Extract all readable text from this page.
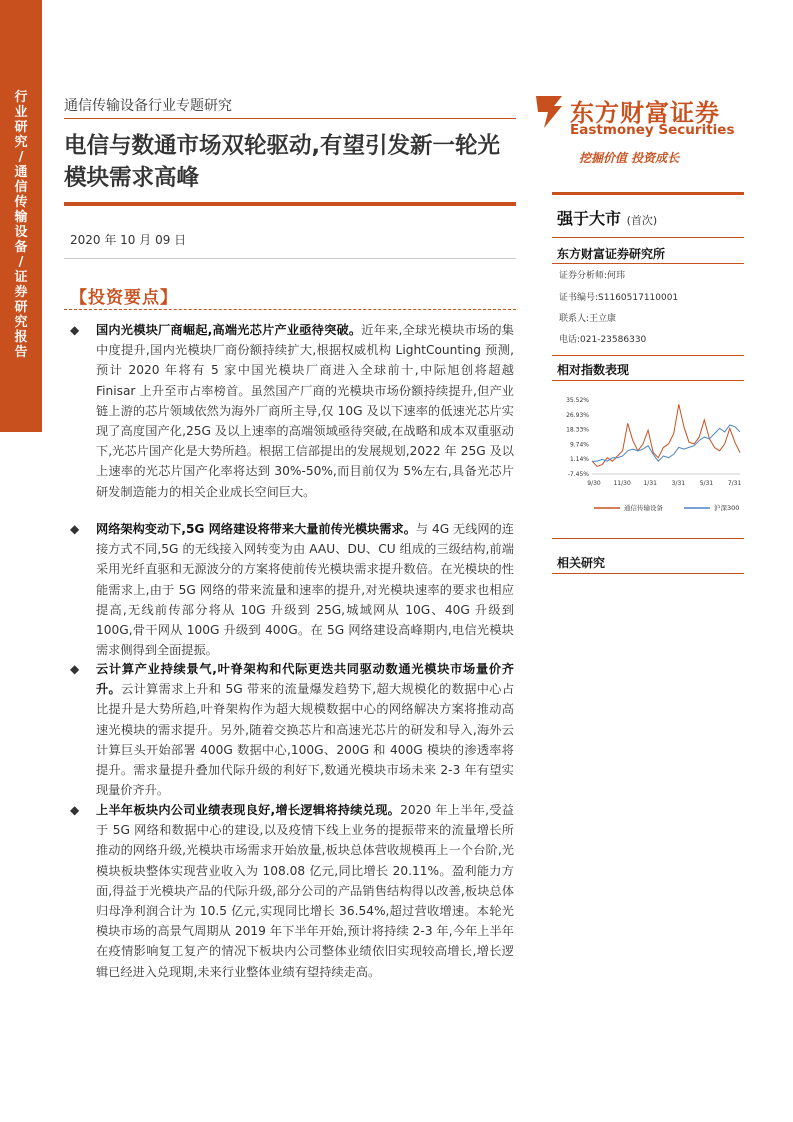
行业研究 / 通信传输设备 / 证券研究报告
通信传输设备行业专题研究
电信与数通市场双轮驱动,有望引发新一轮光模块需求高峰
2020 年 10 月 09 日
【投资要点】
◆ 国内光模块厂商崛起,高端光芯片产业亟待突破。近年来,全球光模块市场的集中度提升,国内光模块厂商份额持续扩大,根据权威机构 LightCounting 预测,预计 2020 年将有 5 家中国光模块厂商进入全球前十,中际旭创将超越 Finisar 上升至市占率榜首。虽然国产厂商的光模块市场份额持续提升,但产业链上游的芯片领域依然为海外厂商所主导,仅 10G 及以下速率的低速光芯片实现了高度国产化,25G 及以上速率的高端领域亟待突破,在战略和成本双重驱动下,光芯片国产化是大势所趋。根据工信部提出的发展规划,2022 年 25G 及以上速率的光芯片国产化率将达到 30%-50%,而目前仅为 5%左右,具备光芯片研发制造能力的相关企业成长空间巨大。
◆ 网络架构变动下,5G 网络建设将带来大量前传光模块需求。与 4G 无线网的连接方式不同,5G 的无线接入网转变为由 AAU、DU、CU 组成的三级结构,前端采用光纤直驱和无源波分的方案将使前传光模块需求提升数倍。在光模块的性能需求上,由于 5G 网络的带来流量和速率的提升,对光模块速率的要求也相应提高,无线前传部分将从 10G 升级到 25G,城域网从 10G、40G 升级到 100G,骨干网从 100G 升级到 400G。在 5G 网络建设高峰期内,电信光模块需求侧得到全面提振。
◆ 云计算产业持续景气,叶脊架构和代际更迭共同驱动数通光模块市场量价齐升。云计算需求上升和 5G 带来的流量爆发趋势下,超大规模化的数据中心占比提升是大势所趋,叶脊架构作为超大规模数据中心的网络解决方案将推动高速光模块的需求提升。另外,随着交换芯片和高速光芯片的研发和导入,海外云计算巨头开始部署 400G 数据中心,100G、200G 和 400G 模块的渗透率将提升。需求量提升叠加代际升级的利好下,数通光模块市场未来 2-3 年有望实现量价齐升。
◆ 上半年板块内公司业绩表现良好,增长逻辑将持续兑现。2020 年上半年,受益于 5G 网络和数据中心的建设,以及疫情下线上业务的提振带来的流量增长所推动的网络升级,光模块市场需求开始放量,板块总体营收规模再上一个台阶,光模块板块整体实现营业收入为 108.08 亿元,同比增长 20.11%。盈利能力方面,得益于光模块产品的代际升级,部分公司的产品销售结构得以改善,板块总体归母净利润合计为 10.5 亿元,实现同比增长 36.54%,超过营收增速。本轮光模块市场的高景气周期从 2019 年下半年开始,预计将持续 2-3 年,今年上半年在疫情影响复工复产的情况下板块内公司整体业绩依旧实现较高增长,增长逻辑已经进入兑现期,未来行业整体业绩有望持续走高。
东方财富证券
Eastmoney Securities
挖掘价值 投资成长
强于大市 (首次)
东方财富证券研究所
证券分析师:何玮
证书编号:S1160517110001
联系人:王立康
电话:021-23586330
相对指数表现
35.52%
26.93%
18.33%
9.74%
1.14%
-7.45%
9/30 11/30 1/31 3/31 5/31 7/31
通信传输设备	沪深300
相关研究
